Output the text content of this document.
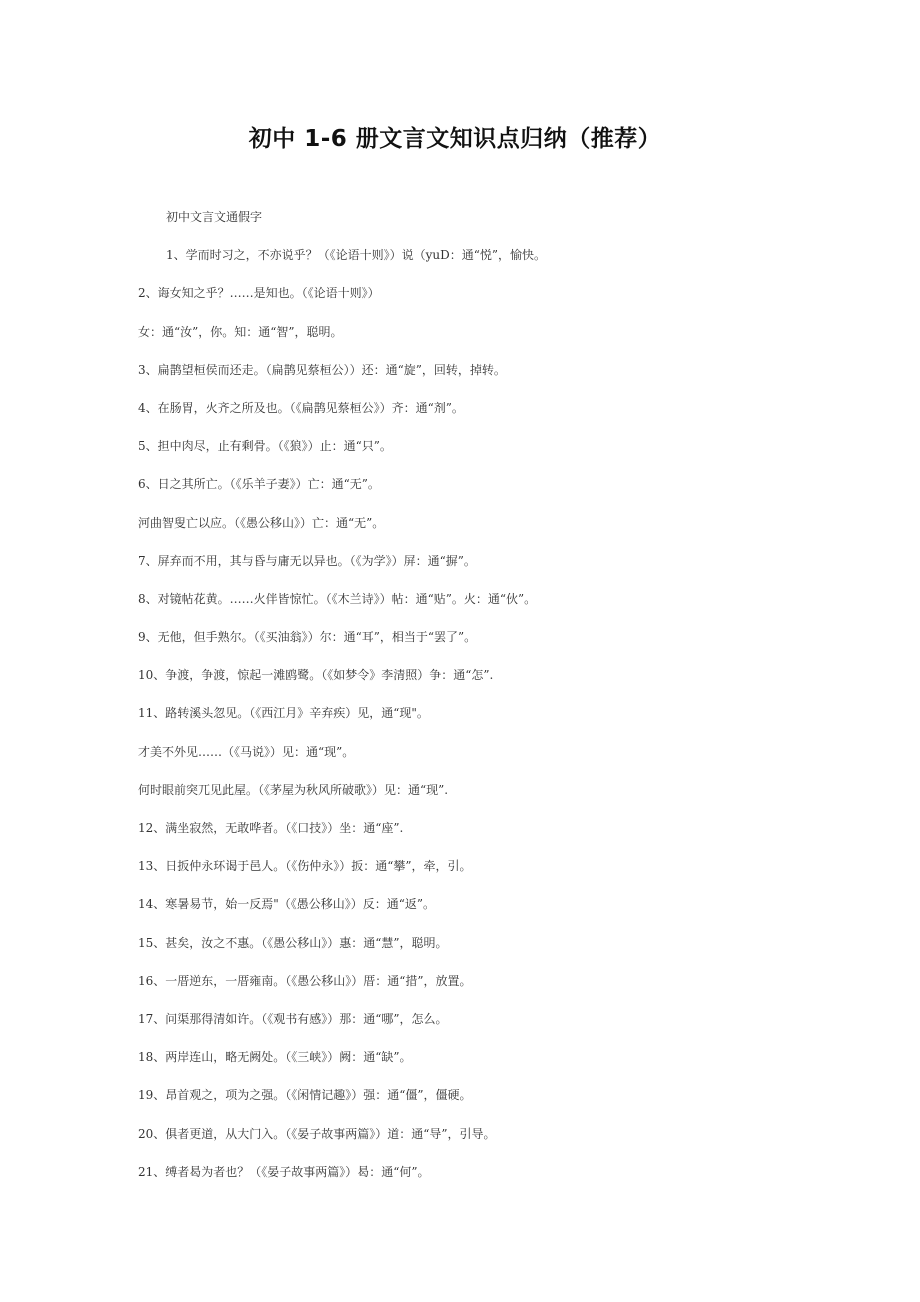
初中 1-6 册文言文知识点归纳（推荐）
初中文言文通假字
1、学而时习之，不亦说乎？（《论语十则》）说（yuD：通“悦”，愉快。
2、诲女知之乎？……是知也。（《论语十则》）
女：通“汝”，你。知：通“智”，聪明。
3、扁鹊望桓侯而还走。（扁鹊见蔡桓公））还：通“旋”，回转，掉转。
4、在肠胃，火齐之所及也。（《扁鹊见蔡桓公》）齐：通“剂”。
5、担中肉尽，止有剩骨。（《狼》）止：通“只”。
6、日之其所亡。（《乐羊子妻》）亡：通“无”。
河曲智叟亡以应。（《愚公移山》）亡：通“无”。
7、屏弃而不用，其与昏与庸无以异也。（《为学》）屏：通“摒”。
8、对镜帖花黄。……火伴皆惊忙。（《木兰诗》）帖：通“贴”。火：通“伙”。
9、无他，但手熟尔。（《买油翁》）尔：通“耳”，相当于“罢了”。
10、争渡，争渡，惊起一滩鸥鹭。（《如梦令》李清照）争：通“怎”.
11、路转溪头忽见。（《西江月》辛弃疾）见，通“现"。
才美不外见……（《马说》）见：通“现”。
何时眼前突兀见此屋。（《茅屋为秋风所破歌》）见：通“现”.
12、满坐寂然，无敢哗者。（《口技》）坐：通“座”.
13、日扳仲永环谒于邑人。（《伤仲永》）扳：通“攀”，牵，引。
14、寒暑易节，始一反焉"（《愚公移山》）反：通“返”。
15、甚矣，汝之不惠。（《愚公移山》）惠：通“慧”，聪明。
16、一厝逆东，一厝雍南。（《愚公移山》）厝：通“措”，放置。
17、问渠那得清如许。（《观书有感》）那：通“哪”，怎么。
18、两岸连山，略无阙处。（《三峡》）阙：通“缺”。
19、昂首观之，项为之强。（《闲情记趣》）强：通“僵”，僵硬。
20、俱者更道，从大门入。（《晏子故事两篇》）道：通“导”，引导。
21、缚者曷为者也？（《晏子故事两篇》）曷：通“何”。
